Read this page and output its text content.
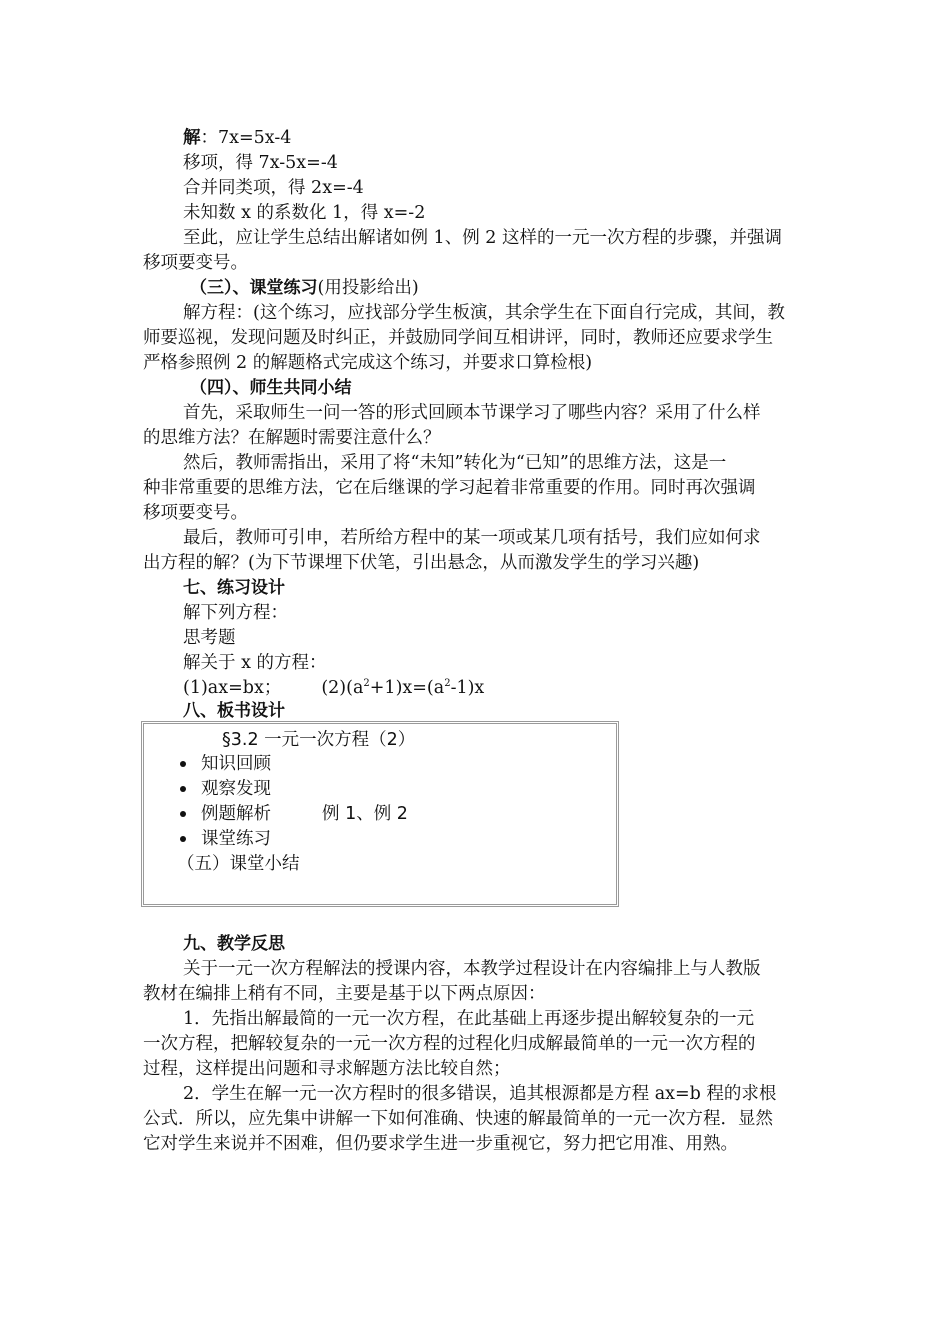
解：7x=5x-4
移项，得 7x-5x=-4
合并同类项，得 2x=-4
未知数 x 的系数化 1，得 x=-2
至此，应让学生总结出解诸如例 1、例 2 这样的一元一次方程的步骤，并强调
移项要变号。
（三）、课堂练习(用投影给出)
解方程：(这个练习，应找部分学生板演，其余学生在下面自行完成，其间，教
师要巡视，发现问题及时纠正，并鼓励同学间互相讲评，同时，教师还应要求学生
严格参照例 2 的解题格式完成这个练习，并要求口算检根)
（四）、师生共同小结
首先，采取师生一问一答的形式回顾本节课学习了哪些内容？采用了什么样
的思维方法？在解题时需要注意什么？
然后，教师需指出，采用了将“未知”转化为“已知”的思维方法，这是一
种非常重要的思维方法，它在后继课的学习起着非常重要的作用。同时再次强调
移项要变号。
最后，教师可引申，若所给方程中的某一项或某几项有括号，我们应如何求
出方程的解？(为下节课埋下伏笔，引出悬念，从而激发学生的学习兴趣)
七、练习设计
解下列方程：
思考题
解关于 x 的方程：
(1)ax=bx； $(2)(a^2+1)x=(a^2-1)x$
八、板书设计
§3.2 一元一次方程（2）
知识回顾
观察发现
例题解析	例 1、例 2
课堂练习
（五）课堂小结
九、教学反思
关于一元一次方程解法的授课内容，本教学过程设计在内容编排上与人教版
教材在编排上稍有不同，主要是基于以下两点原因：
1．先指出解最简的一元一次方程，在此基础上再逐步提出解较复杂的一元
一次方程，把解较复杂的一元一次方程的过程化归成解最简单的一元一次方程的
过程，这样提出问题和寻求解题方法比较自然；
2．学生在解一元一次方程时的很多错误，追其根源都是方程 ax=b 程的求根
公式．所以，应先集中讲解一下如何准确、快速的解最简单的一元一次方程．显然
它对学生来说并不困难，但仍要求学生进一步重视它，努力把它用准、用熟。
